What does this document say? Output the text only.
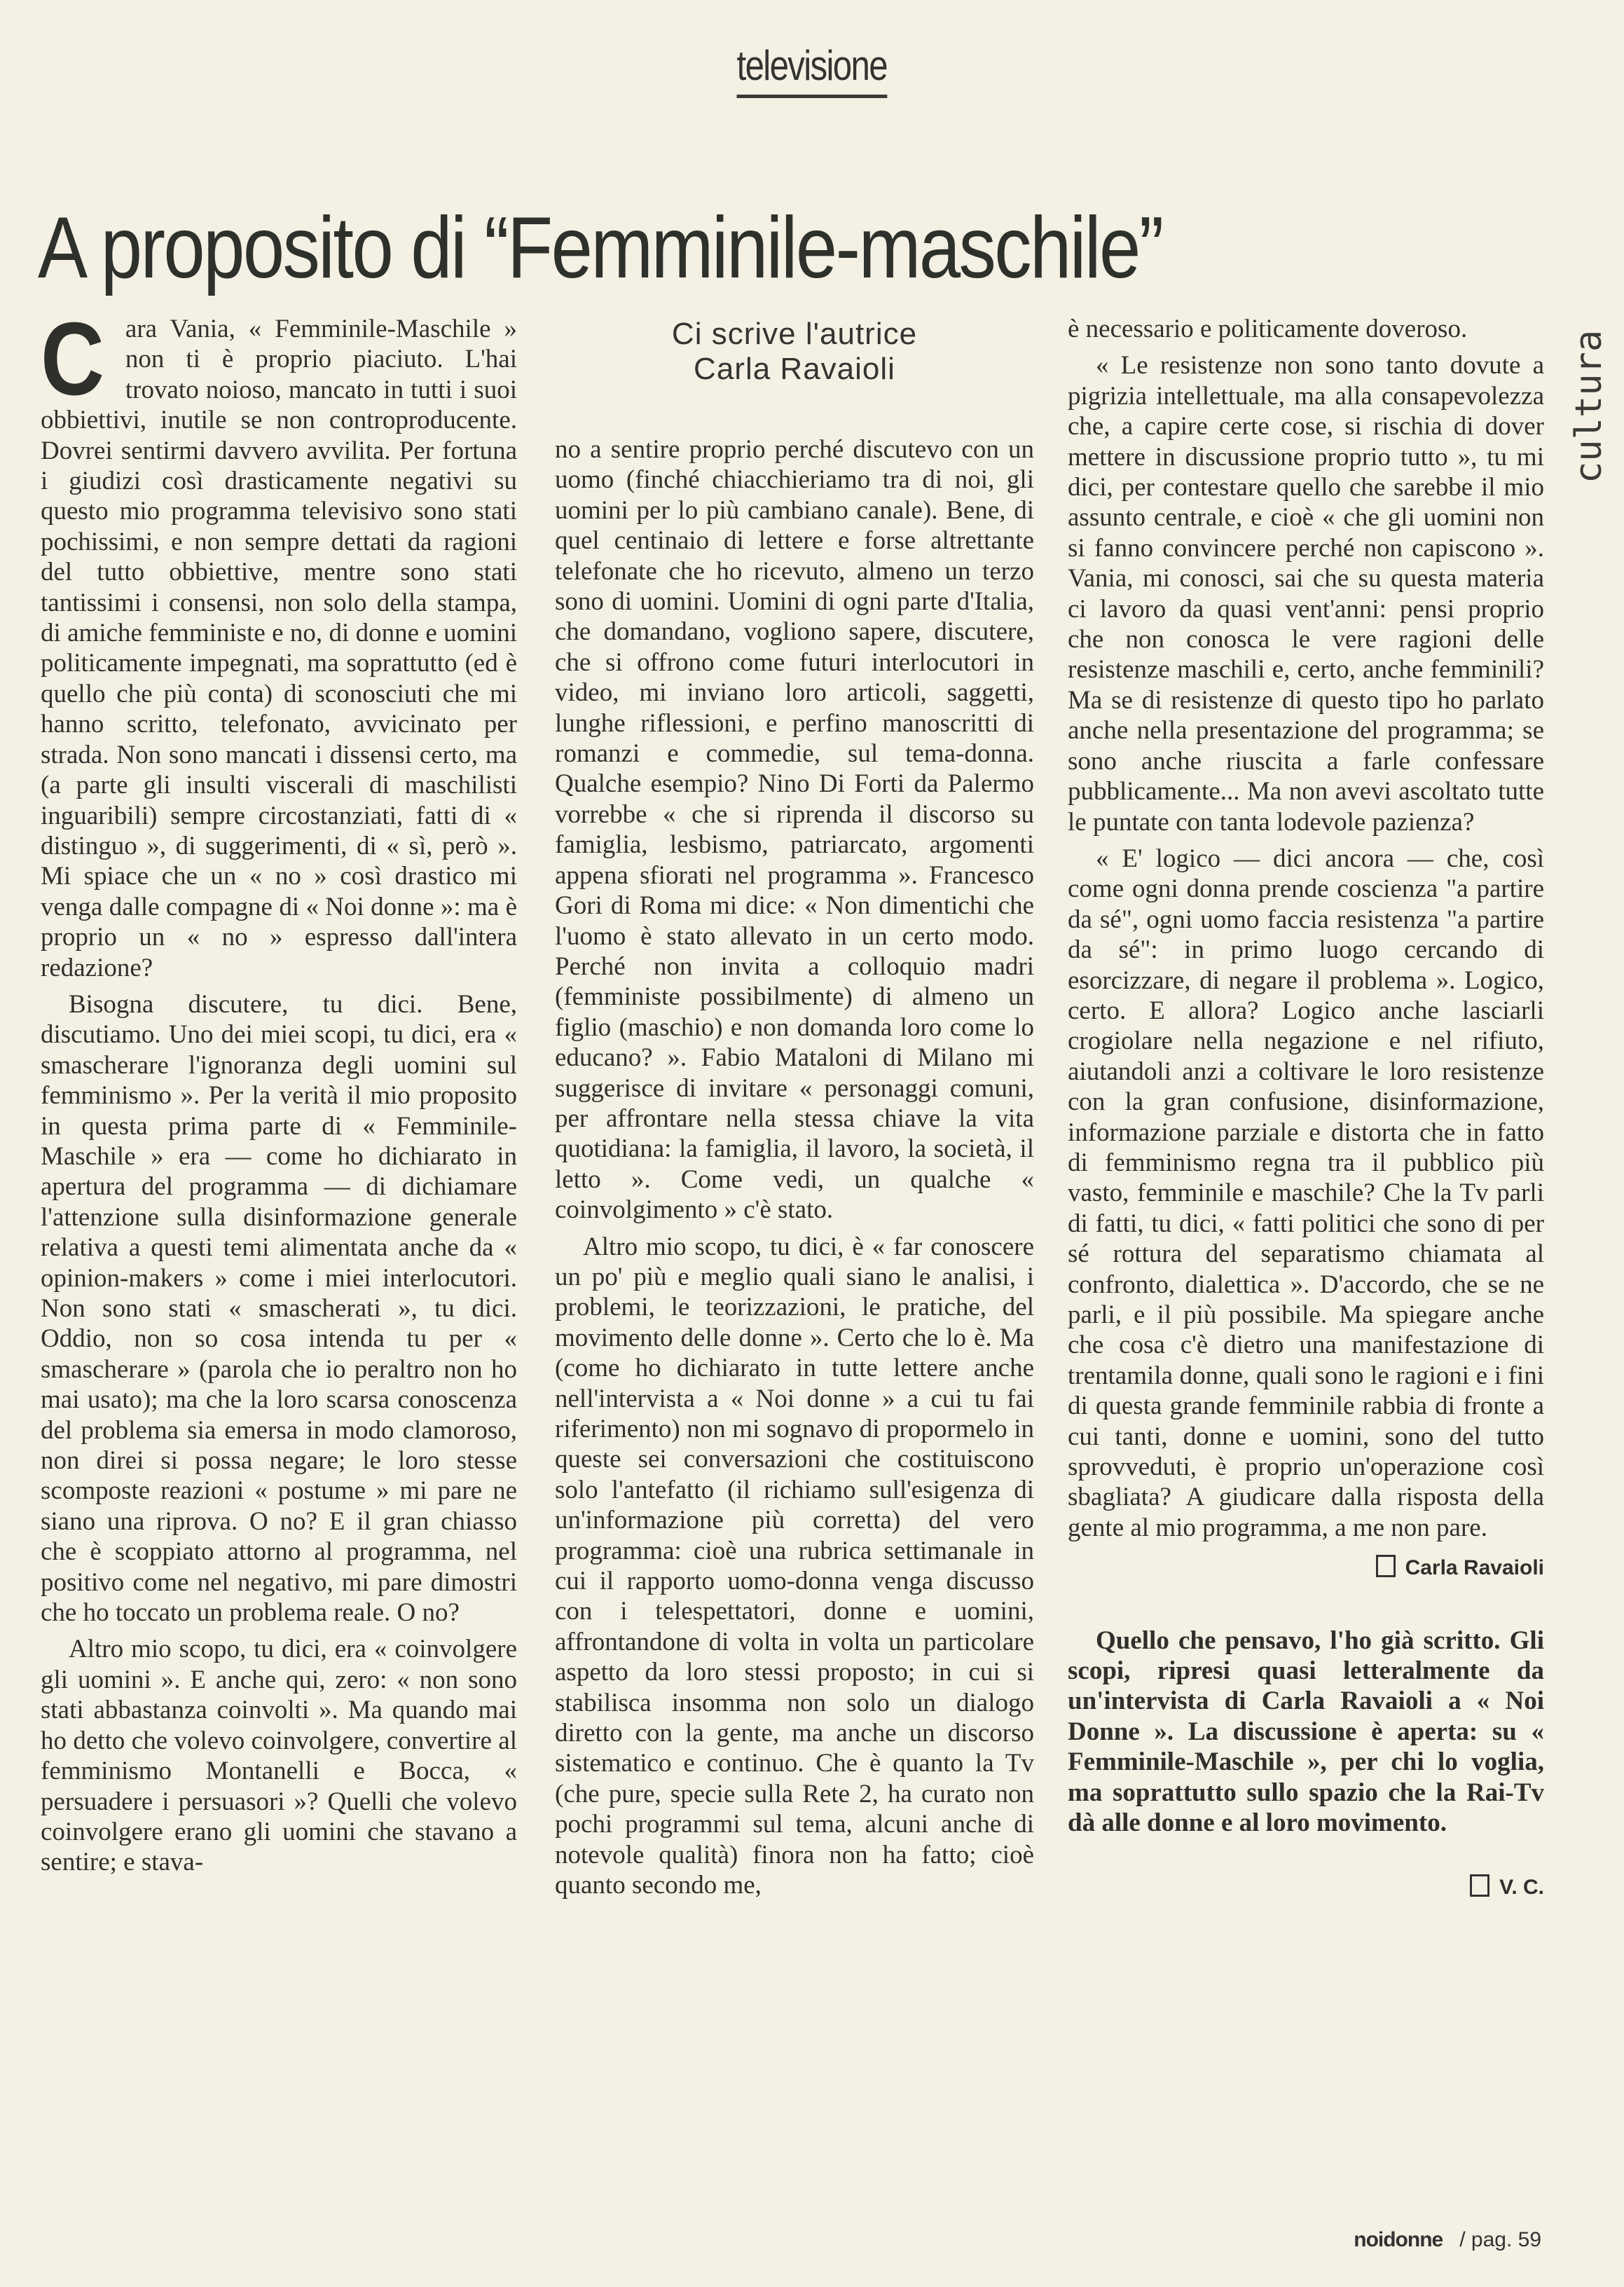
televisione
cultura
A proposito di “Femminile-maschile”

Cara Vania, « Femminile-Maschile » non ti è proprio piaciuto. L'hai trovato noioso, mancato in tutti i suoi obbiettivi, inutile se non controproducente. Dovrei sentirmi davvero avvilita. Per fortuna i giudizi così drasticamente negativi su questo mio programma televisivo sono stati pochissimi, e non sempre dettati da ragioni del tutto obbiettive, mentre sono stati tantissimi i consensi, non solo della stampa, di amiche femministe e no, di donne e uomini politicamente impegnati, ma soprattutto (ed è quello che più conta) di sconosciuti che mi hanno scritto, telefonato, avvicinato per strada. Non sono mancati i dissensi certo, ma (a parte gli insulti viscerali di maschilisti inguaribili) sempre circostanziati, fatti di « distinguo », di suggerimenti, di « sì, però ». Mi spiace che un « no » così drastico mi venga dalle compagne di « Noi donne »: ma è proprio un « no » espresso dall'intera redazione?

Bisogna discutere, tu dici. Bene, discutiamo. Uno dei miei scopi, tu dici, era « smascherare l'ignoranza degli uomini sul femminismo ». Per la verità il mio proposito in questa prima parte di « Femminile-Maschile » era — come ho dichiarato in apertura del programma — di dichiamare l'attenzione sulla disinformazione generale relativa a questi temi alimentata anche da « opinion-makers » come i miei interlocutori. Non sono stati « smascherati », tu dici. Oddio, non so cosa intenda tu per « smascherare » (parola che io peraltro non ho mai usato); ma che la loro scarsa conoscenza del problema sia emersa in modo clamoroso, non direi si possa negare; le loro stesse scomposte reazioni « postume » mi pare ne siano una riprova. O no? E il gran chiasso che è scoppiato attorno al programma, nel positivo come nel negativo, mi pare dimostri che ho toccato un problema reale. O no?

Altro mio scopo, tu dici, era « coinvolgere gli uomini ». E anche qui, zero: « non sono stati abbastanza coinvolti ». Ma quando mai ho detto che volevo coinvolgere, convertire al femminismo Montanelli e Bocca, « persuadere i persuasori »? Quelli che volevo coinvolgere erano gli uomini che stavano a sentire; e stava-

Ci scrive l'autrice
Carla Ravaioli

no a sentire proprio perché discutevo con un uomo (finché chiacchieriamo tra di noi, gli uomini per lo più cambiano canale). Bene, di quel centinaio di lettere e forse altrettante telefonate che ho ricevuto, almeno un terzo sono di uomini. Uomini di ogni parte d'Italia, che domandano, vogliono sapere, discutere, che si offrono come futuri interlocutori in video, mi inviano loro articoli, saggetti, lunghe riflessioni, e perfino manoscritti di romanzi e commedie, sul tema-donna. Qualche esempio? Nino Di Forti da Palermo vorrebbe « che si riprenda il discorso su famiglia, lesbismo, patriarcato, argomenti appena sfiorati nel programma ». Francesco Gori di Roma mi dice: « Non dimentichi che l'uomo è stato allevato in un certo modo. Perché non invita a colloquio madri (femministe possibilmente) di almeno un figlio (maschio) e non domanda loro come lo educano? ». Fabio Mataloni di Milano mi suggerisce di invitare « personaggi comuni, per affrontare nella stessa chiave la vita quotidiana: la famiglia, il lavoro, la società, il letto ». Come vedi, un qualche « coinvolgimento » c'è stato.

Altro mio scopo, tu dici, è « far conoscere un po' più e meglio quali siano le analisi, i problemi, le teorizzazioni, le pratiche, del movimento delle donne ». Certo che lo è. Ma (come ho dichiarato in tutte lettere anche nell'intervista a « Noi donne » a cui tu fai riferimento) non mi sognavo di propormelo in queste sei conversazioni che costituiscono solo l'antefatto (il richiamo sull'esigenza di un'informazione più corretta) del vero programma: cioè una rubrica settimanale in cui il rapporto uomo-donna venga discusso con i telespettatori, donne e uomini, affrontandone di volta in volta un particolare aspetto da loro stessi proposto; in cui si stabilisca insomma non solo un dialogo diretto con la gente, ma anche un discorso sistematico e continuo. Che è quanto la Tv (che pure, specie sulla Rete 2, ha curato non pochi programmi sul tema, alcuni anche di notevole qualità) finora non ha fatto; cioè quanto secondo me,

è necessario e politicamente doveroso.

« Le resistenze non sono tanto dovute a pigrizia intellettuale, ma alla consapevolezza che, a capire certe cose, si rischia di dover mettere in discussione proprio tutto », tu mi dici, per contestare quello che sarebbe il mio assunto centrale, e cioè « che gli uomini non si fanno convincere perché non capiscono ». Vania, mi conosci, sai che su questa materia ci lavoro da quasi vent'anni: pensi proprio che non conosca le vere ragioni delle resistenze maschili e, certo, anche femminili? Ma se di resistenze di questo tipo ho parlato anche nella presentazione del programma; se sono anche riuscita a farle confessare pubblicamente... Ma non avevi ascoltato tutte le puntate con tanta lodevole pazienza?

« E' logico — dici ancora — che, così come ogni donna prende coscienza "a partire da sé", ogni uomo faccia resistenza "a partire da sé": in primo luogo cercando di esorcizzare, di negare il problema ». Logico, certo. E allora? Logico anche lasciarli crogiolare nella negazione e nel rifiuto, aiutandoli anzi a coltivare le loro resistenze con la gran confusione, disinformazione, informazione parziale e distorta che in fatto di femminismo regna tra il pubblico più vasto, femminile e maschile? Che la Tv parli di fatti, tu dici, « fatti politici che sono di per sé rottura del separatismo chiamata al confronto, dialettica ». D'accordo, che se ne parli, e il più possibile. Ma spiegare anche che cosa c'è dietro una manifestazione di trentamila donne, quali sono le ragioni e i fini di questa grande femminile rabbia di fronte a cui tanti, donne e uomini, sono del tutto sprovveduti, è proprio un'operazione così sbagliata? A giudicare dalla risposta della gente al mio programma, a me non pare.

Carla Ravaioli

Quello che pensavo, l'ho già scritto. Gli scopi, ripresi quasi letteralmente da un'intervista di Carla Ravaioli a « Noi Donne ». La discussione è aperta: su « Femminile-Maschile », per chi lo voglia, ma soprattutto sullo spazio che la Rai-Tv dà alle donne e al loro movimento.

V. C.

noidonne / pag. 59
